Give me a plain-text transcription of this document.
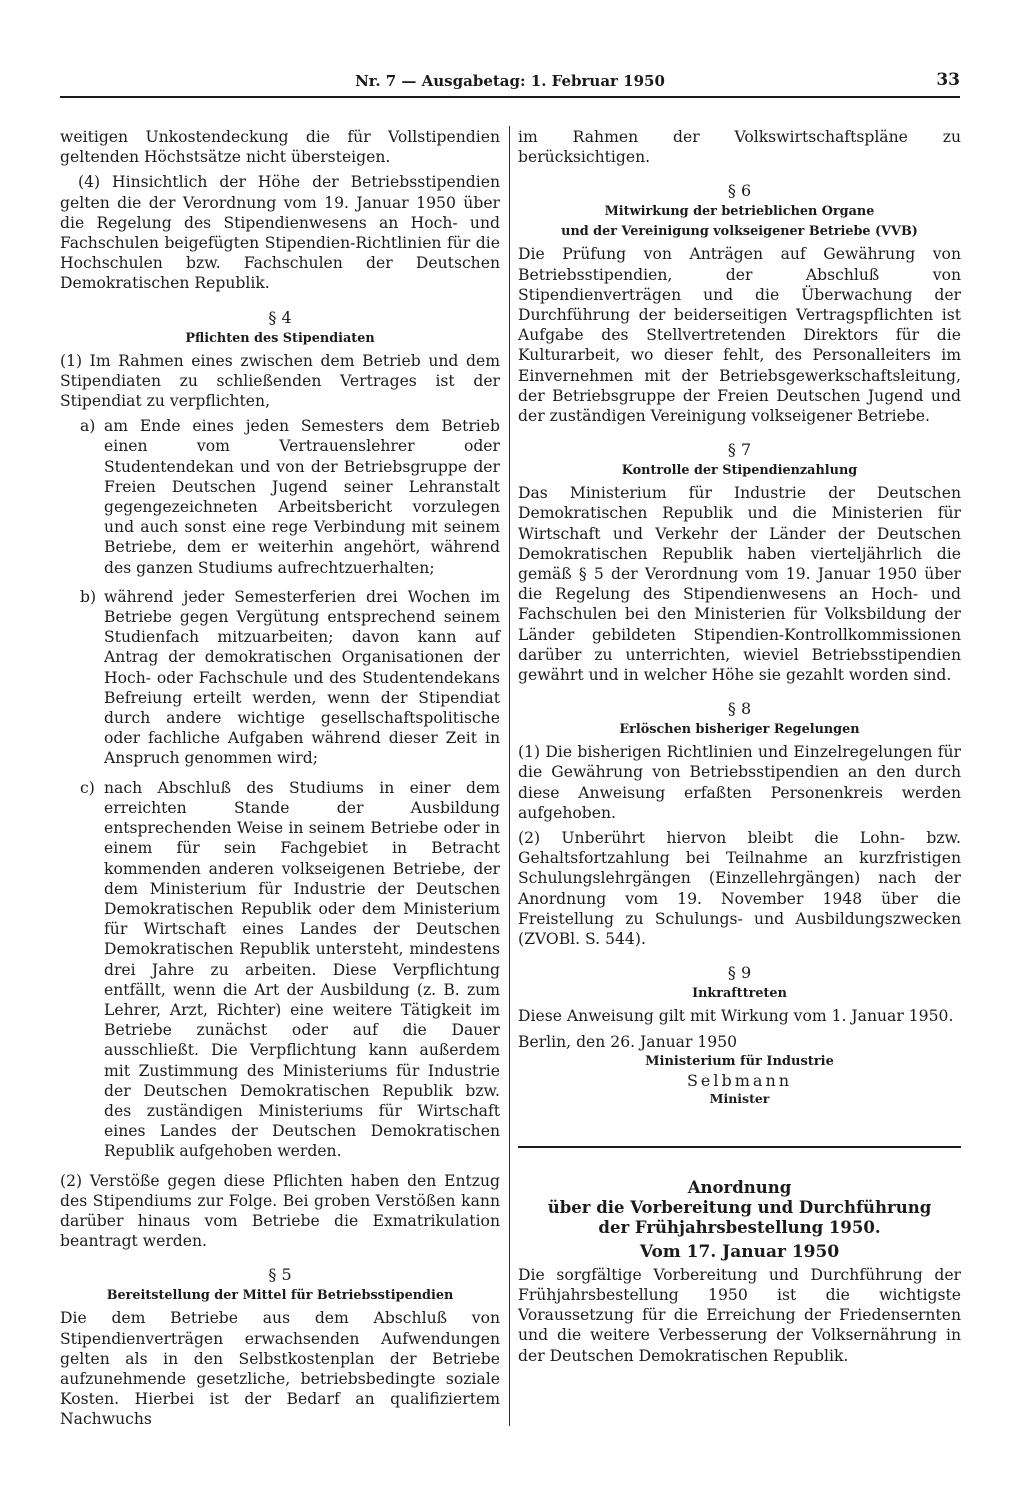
Nr. 7 — Ausgabetag: 1. Februar 1950	33

weitigen Unkostendeckung die für Vollstipendien geltenden Höchstsätze nicht übersteigen.

(4) Hinsichtlich der Höhe der Betriebsstipendien gelten die der Verordnung vom 19. Januar 1950 über die Regelung des Stipendienwesens an Hoch- und Fachschulen beigefügten Stipendien-Richtlinien für die Hochschulen bzw. Fachschulen der Deutschen Demokratischen Republik.

§ 4
Pflichten des Stipendiaten

(1) Im Rahmen eines zwischen dem Betrieb und dem Stipendiaten zu schließenden Vertrages ist der Stipendiat zu verpflichten,

a) am Ende eines jeden Semesters dem Betrieb einen vom Vertrauenslehrer oder Studentendekan und von der Betriebsgruppe der Freien Deutschen Jugend seiner Lehranstalt gegengezeichneten Arbeitsbericht vorzulegen und auch sonst eine rege Verbindung mit seinem Betriebe, dem er weiterhin angehört, während des ganzen Studiums aufrechtzuerhalten;

b) während jeder Semesterferien drei Wochen im Betriebe gegen Vergütung entsprechend seinem Studienfach mitzuarbeiten; davon kann auf Antrag der demokratischen Organisationen der Hoch- oder Fachschule und des Studentendekans Befreiung erteilt werden, wenn der Stipendiat durch andere wichtige gesellschaftspolitische oder fachliche Aufgaben während dieser Zeit in Anspruch genommen wird;

c) nach Abschluß des Studiums in einer dem erreichten Stande der Ausbildung entsprechenden Weise in seinem Betriebe oder in einem für sein Fachgebiet in Betracht kommenden anderen volkseigenen Betriebe, der dem Ministerium für Industrie der Deutschen Demokratischen Republik oder dem Ministerium für Wirtschaft eines Landes der Deutschen Demokratischen Republik untersteht, mindestens drei Jahre zu arbeiten. Diese Verpflichtung entfällt, wenn die Art der Ausbildung (z. B. zum Lehrer, Arzt, Richter) eine weitere Tätigkeit im Betriebe zunächst oder auf die Dauer ausschließt. Die Verpflichtung kann außerdem mit Zustimmung des Ministeriums für Industrie der Deutschen Demokratischen Republik bzw. des zuständigen Ministeriums für Wirtschaft eines Landes der Deutschen Demokratischen Republik aufgehoben werden.

(2) Verstöße gegen diese Pflichten haben den Entzug des Stipendiums zur Folge. Bei groben Verstößen kann darüber hinaus vom Betriebe die Exmatrikulation beantragt werden.

§ 5
Bereitstellung der Mittel für Betriebsstipendien

Die dem Betriebe aus dem Abschluß von Stipendienverträgen erwachsenden Aufwendungen gelten als in den Selbstkostenplan der Betriebe aufzunehmende gesetzliche, betriebsbedingte soziale Kosten. Hierbei ist der Bedarf an qualifiziertem Nachwuchs

im Rahmen der Volkswirtschaftspläne zu berücksichtigen.

§ 6
Mitwirkung der betrieblichen Organe
und der Vereinigung volkseigener Betriebe (VVB)

Die Prüfung von Anträgen auf Gewährung von Betriebsstipendien, der Abschluß von Stipendienverträgen und die Überwachung der Durchführung der beiderseitigen Vertragspflichten ist Aufgabe des Stellvertretenden Direktors für die Kulturarbeit, wo dieser fehlt, des Personalleiters im Einvernehmen mit der Betriebsgewerkschaftsleitung, der Betriebsgruppe der Freien Deutschen Jugend und der zuständigen Vereinigung volkseigener Betriebe.

§ 7
Kontrolle der Stipendienzahlung

Das Ministerium für Industrie der Deutschen Demokratischen Republik und die Ministerien für Wirtschaft und Verkehr der Länder der Deutschen Demokratischen Republik haben vierteljährlich die gemäß § 5 der Verordnung vom 19. Januar 1950 über die Regelung des Stipendienwesens an Hoch- und Fachschulen bei den Ministerien für Volksbildung der Länder gebildeten Stipendien-Kontrollkommissionen darüber zu unterrichten, wieviel Betriebsstipendien gewährt und in welcher Höhe sie gezahlt worden sind.

§ 8
Erlöschen bisheriger Regelungen

(1) Die bisherigen Richtlinien und Einzelregelungen für die Gewährung von Betriebsstipendien an den durch diese Anweisung erfaßten Personenkreis werden aufgehoben.

(2) Unberührt hiervon bleibt die Lohn- bzw. Gehaltsfortzahlung bei Teilnahme an kurzfristigen Schulungslehrgängen (Einzellehrgängen) nach der Anordnung vom 19. November 1948 über die Freistellung zu Schulungs- und Ausbildungszwecken (ZVOBl. S. 544).

§ 9
Inkrafttreten

Diese Anweisung gilt mit Wirkung vom 1. Januar 1950.

Berlin, den 26. Januar 1950

Ministerium für Industrie

Selbmann

Minister

Anordnung

über die Vorbereitung und Durchführung

der Frühjahrsbestellung 1950.

Vom 17. Januar 1950

Die sorgfältige Vorbereitung und Durchführung der Frühjahrsbestellung 1950 ist die wichtigste Voraussetzung für die Erreichung der Friedensernten und die weitere Verbesserung der Volksernährung in der Deutschen Demokratischen Republik.
